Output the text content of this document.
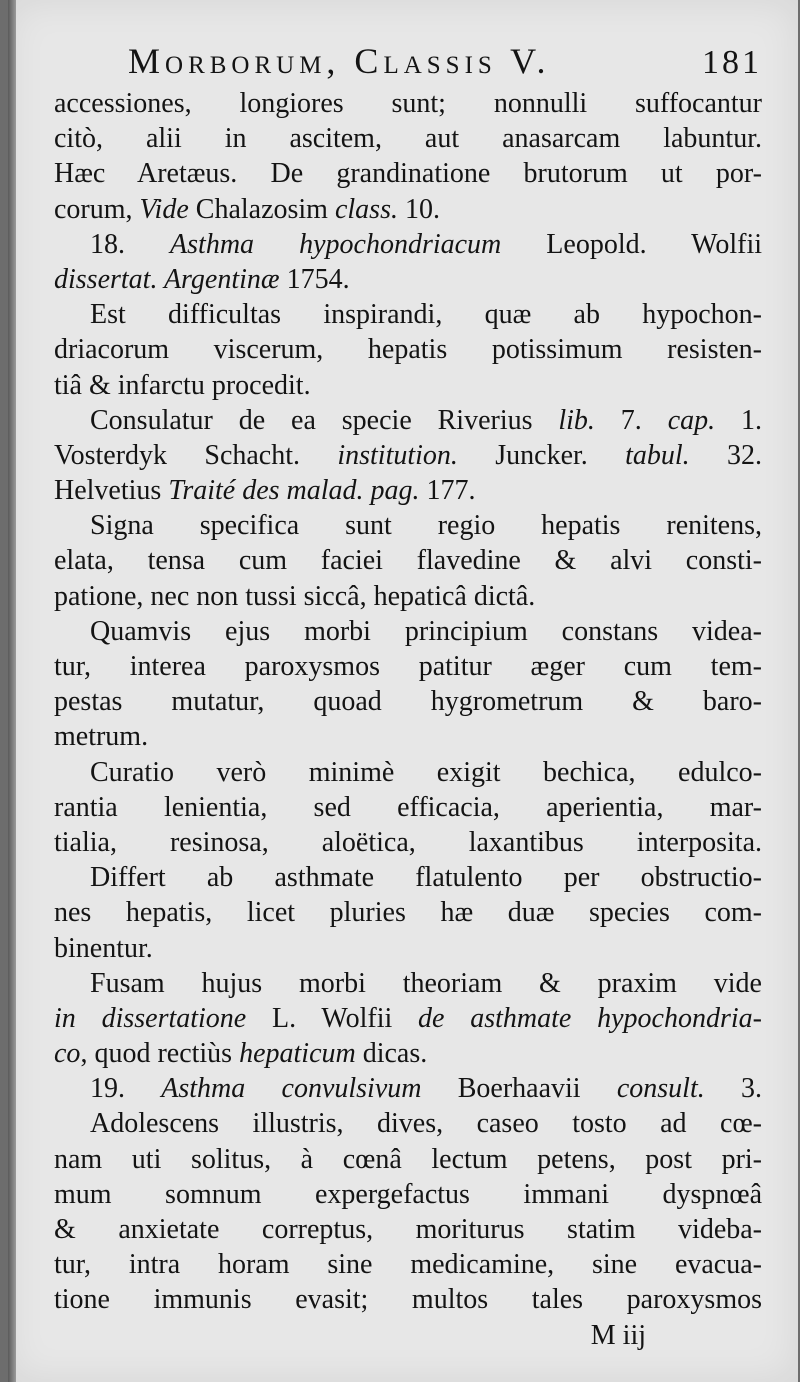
Morborum, Classis V.	181
accessiones, longiores sunt; nonnulli suffocantur
citò, alii in ascitem, aut anasarcam labuntur.
Hæc Aretæus. De grandinatione brutorum ut por-
corum, Vide Chalazosim class. 10.
18. Asthma hypochondriacum Leopold. Wolfii
dissertat. Argentinæ 1754.
Est difficultas inspirandi, quæ ab hypochon-
driacorum viscerum, hepatis potissimum resisten-
tiâ & infarctu procedit.
Consulatur de ea specie Riverius lib. 7. cap. 1.
Vosterdyk Schacht. institution. Juncker. tabul. 32.
Helvetius Traité des malad. pag. 177.
Signa specifica sunt regio hepatis renitens,
elata, tensa cum faciei flavedine & alvi consti-
patione, nec non tussi siccâ, hepaticâ dictâ.
Quamvis ejus morbi principium constans videa-
tur, interea paroxysmos patitur æger cum tem-
pestas mutatur, quoad hygrometrum & baro-
metrum.
Curatio verò minimè exigit bechica, edulco-
rantia lenientia, sed efficacia, aperientia, mar-
tialia, resinosa, aloëtica, laxantibus interposita.
Differt ab asthmate flatulento per obstructio-
nes hepatis, licet pluries hæ duæ species com-
binentur.
Fusam hujus morbi theoriam & praxim vide
in dissertatione L. Wolfii de asthmate hypochondria-
co, quod rectiùs hepaticum dicas.
19. Asthma convulsivum Boerhaavii consult. 3.
Adolescens illustris, dives, caseo tosto ad cœ-
nam uti solitus, à cœnâ lectum petens, post pri-
mum somnum expergefactus immani dyspnœâ
& anxietate correptus, moriturus statim videba-
tur, intra horam sine medicamine, sine evacua-
tione immunis evasit; multos tales paroxysmos
M iij
